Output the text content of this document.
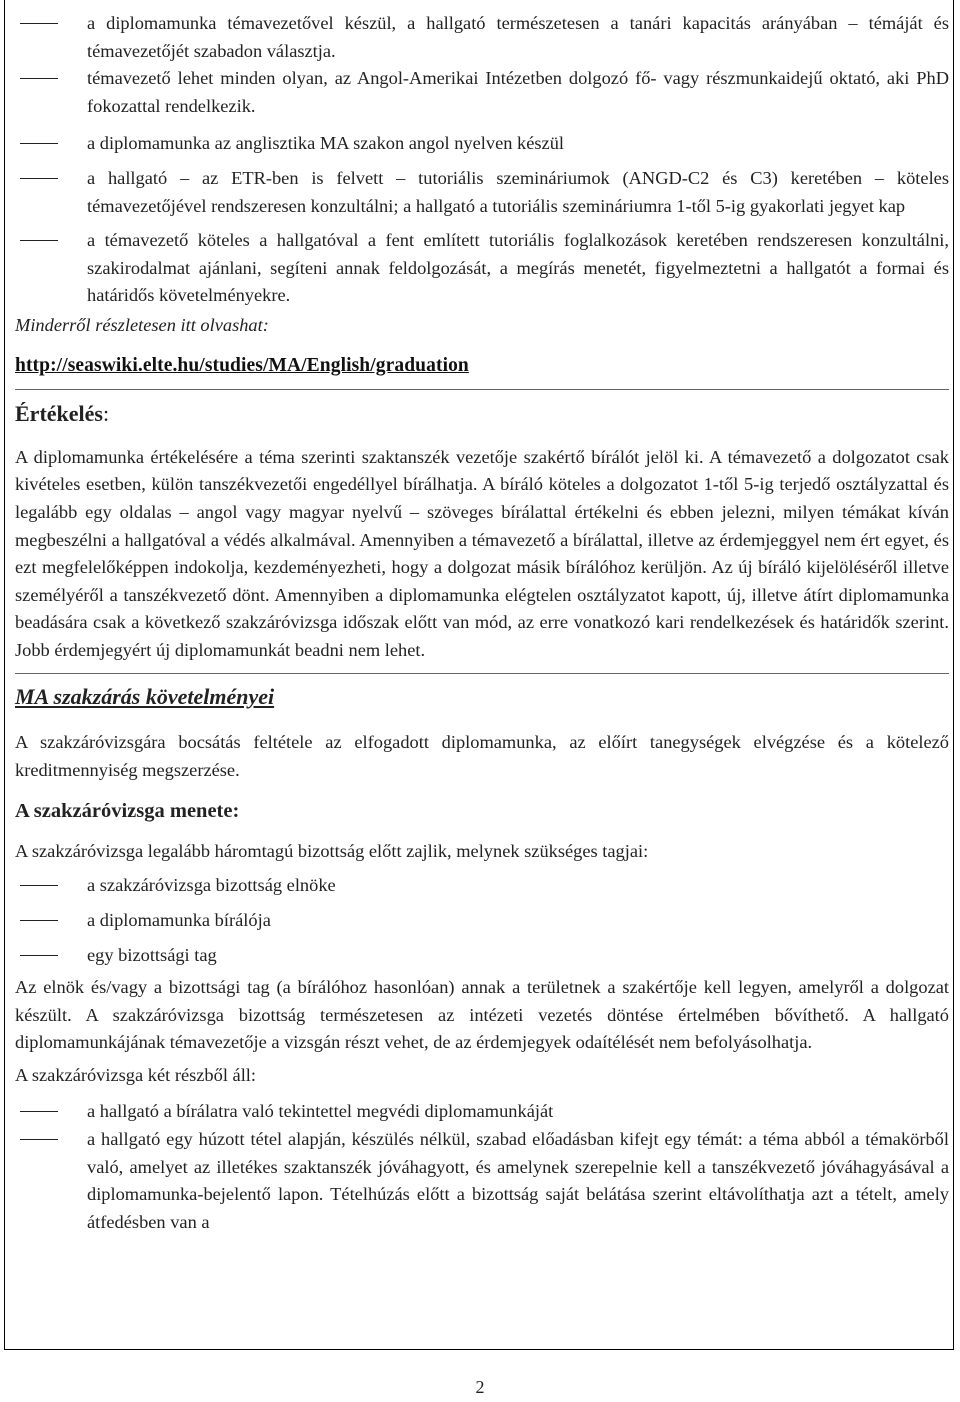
a diplomamunka témavezetővel készül, a hallgató természetesen a tanári kapacitás arányában – témáját és témavezetőjét szabadon választja.
témavezető lehet minden olyan, az Angol-Amerikai Intézetben dolgozó fő- vagy részmunkaidejű oktató, aki PhD fokozattal rendelkezik.
a diplomamunka az anglisztika MA szakon angol nyelven készül
a hallgató – az ETR-ben is felvett – tutoriális szemináriumok (ANGD-C2 és C3) keretében – köteles témavezetőjével rendszeresen konzultálni; a hallgató a tutoriális szemináriumra 1-től 5-ig gyakorlati jegyet kap
a témavezető köteles a hallgatóval a fent említett tutoriális foglalkozások keretében rendszeresen konzultálni, szakirodalmat ajánlani, segíteni annak feldolgozását, a megírás menetét, figyelmeztetni a hallgatót a formai és határidős követelményekre.

Minderről részletesen itt olvashat:

http://seaswiki.elte.hu/studies/MA/English/graduation

Értékelés:

A diplomamunka értékelésére a téma szerinti szaktanszék vezetője szakértő bírálót jelöl ki. A témavezető a dolgozatot csak kivételes esetben, külön tanszékvezetői engedéllyel bírálhatja. A bíráló köteles a dolgozatot 1-től 5-ig terjedő osztályzattal és legalább egy oldalas – angol vagy magyar nyelvű – szöveges bírálattal értékelni és ebben jelezni, milyen témákat kíván megbeszélni a hallgatóval a védés alkalmával. Amennyiben a témavezető a bírálattal, illetve az érdemjeggyel nem ért egyet, és ezt megfelelőképpen indokolja, kezdeményezheti, hogy a dolgozat másik bírálóhoz kerüljön. Az új bíráló kijelöléséről illetve személyéről a tanszékvezető dönt. Amennyiben a diplomamunka elégtelen osztályzatot kapott, új, illetve átírt diplomamunka beadására csak a következő szakzáróvizsga időszak előtt van mód, az erre vonatkozó kari rendelkezések és határidők szerint. Jobb érdemjegyért új diplomamunkát beadni nem lehet.

MA szakzárás követelményei

A szakzáróvizsgára bocsátás feltétele az elfogadott diplomamunka, az előírt tanegységek elvégzése és a kötelező kreditmennyiség megszerzése.

A szakzáróvizsga menete:

A szakzáróvizsga legalább háromtagú bizottság előtt zajlik, melynek szükséges tagjai:

a szakzáróvizsga bizottság elnöke
a diplomamunka bírálója
egy bizottsági tag

Az elnök és/vagy a bizottsági tag (a bírálóhoz hasonlóan) annak a területnek a szakértője kell legyen, amelyről a dolgozat készült. A szakzáróvizsga bizottság természetesen az intézeti vezetés döntése értelmében bővíthető. A hallgató diplomamunkájának témavezetője a vizsgán részt vehet, de az érdemjegyek odaítélését nem befolyásolhatja.

A szakzáróvizsga két részből áll:

a hallgató a bírálatra való tekintettel megvédi diplomamunkáját
a hallgató egy húzott tétel alapján, készülés nélkül, szabad előadásban kifejt egy témát: a téma abból a témakörből való, amelyet az illetékes szaktanszék jóváhagyott, és amelynek szerepelnie kell a tanszékvezető jóváhagyásával a diplomamunka-bejelentő lapon. Tételhúzás előtt a bizottság saját belátása szerint eltávolíthatja azt a tételt, amely átfedésben van a
2
